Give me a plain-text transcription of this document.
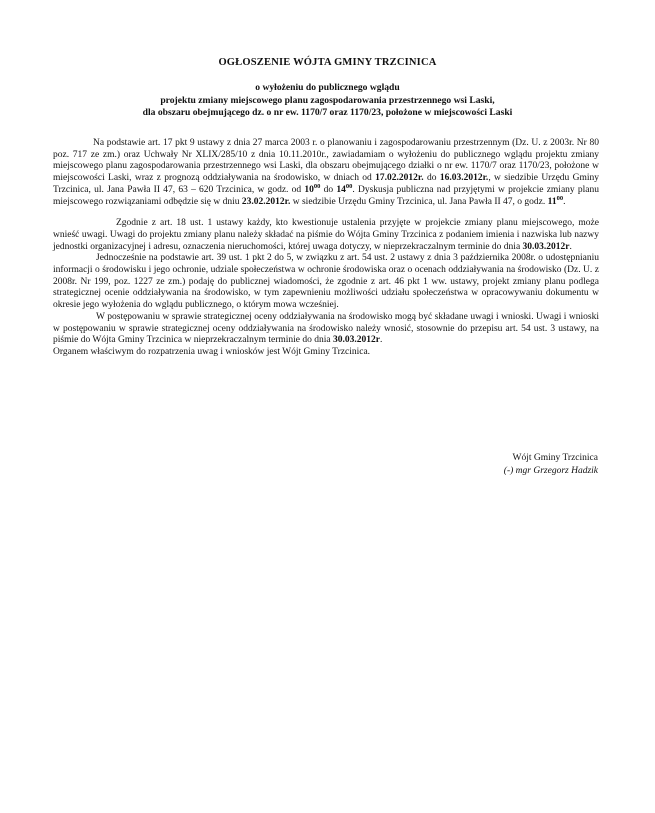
OGŁOSZENIE WÓJTA GMINY TRZCINICA
o wyłożeniu do publicznego wglądu
projektu zmiany miejscowego planu zagospodarowania przestrzennego wsi Laski,
dla obszaru obejmującego dz. o nr ew. 1170/7 oraz 1170/23, położone w miejscowości Laski

Na podstawie art. 17 pkt 9 ustawy z dnia 27 marca 2003 r. o planowaniu i zagospodarowaniu przestrzennym (Dz. U. z 2003r. Nr 80 poz. 717 ze zm.) oraz Uchwały Nr XLIX/285/10 z dnia 10.11.2010r., zawiadamiam o wyłożeniu do publicznego wglądu projektu zmiany miejscowego planu zagospodarowania przestrzennego wsi Laski, dla obszaru obejmującego działki o nr ew. 1170/7 oraz 1170/23, położone w miejscowości Laski, wraz z prognozą oddziaływania na środowisko, w dniach od 17.02.2012r. do 16.03.2012r., w siedzibie Urzędu Gminy Trzcinica, ul. Jana Pawła II 47, 63 – 620 Trzcinica, w godz. od $10^{00}$ do $14^{00}$. Dyskusja publiczna nad przyjętymi w projekcie zmiany planu miejscowego rozwiązaniami odbędzie się w dniu 23.02.2012r. w siedzibie Urzędu Gminy Trzcinica, ul. Jana Pawła II 47, o godz. $11^{00}$.

Zgodnie z art. 18 ust. 1 ustawy każdy, kto kwestionuje ustalenia przyjęte w projekcie zmiany planu miejscowego, może wnieść uwagi. Uwagi do projektu zmiany planu należy składać na piśmie do Wójta Gminy Trzcinica z podaniem imienia i nazwiska lub nazwy jednostki organizacyjnej i adresu, oznaczenia nieruchomości, której uwaga dotyczy, w nieprzekraczalnym terminie do dnia 30.03.2012r.

Jednocześnie na podstawie art. 39 ust. 1 pkt 2 do 5, w związku z art. 54 ust. 2 ustawy z dnia 3 października 2008r. o udostępnianiu informacji o środowisku i jego ochronie, udziale społeczeństwa w ochronie środowiska oraz o ocenach oddziaływania na środowisko (Dz. U. z 2008r. Nr 199, poz. 1227 ze zm.) podaję do publicznej wiadomości, że zgodnie z art. 46 pkt 1 ww. ustawy, projekt zmiany planu podlega strategicznej ocenie oddziaływania na środowisko, w tym zapewnieniu możliwości udziału społeczeństwa w opracowywaniu dokumentu w okresie jego wyłożenia do wglądu publicznego, o którym mowa wcześniej.

W postępowaniu w sprawie strategicznej oceny oddziaływania na środowisko mogą być składane uwagi i wnioski. Uwagi i wnioski w postępowaniu w sprawie strategicznej oceny oddziaływania na środowisko należy wnosić, stosownie do przepisu art. 54 ust. 3 ustawy, na piśmie do Wójta Gminy Trzcinica w nieprzekraczalnym terminie do dnia 30.03.2012r.

Organem właściwym do rozpatrzenia uwag i wniosków jest Wójt Gminy Trzcinica.

Wójt Gminy Trzcinica
(-) mgr Grzegorz Hadzik
